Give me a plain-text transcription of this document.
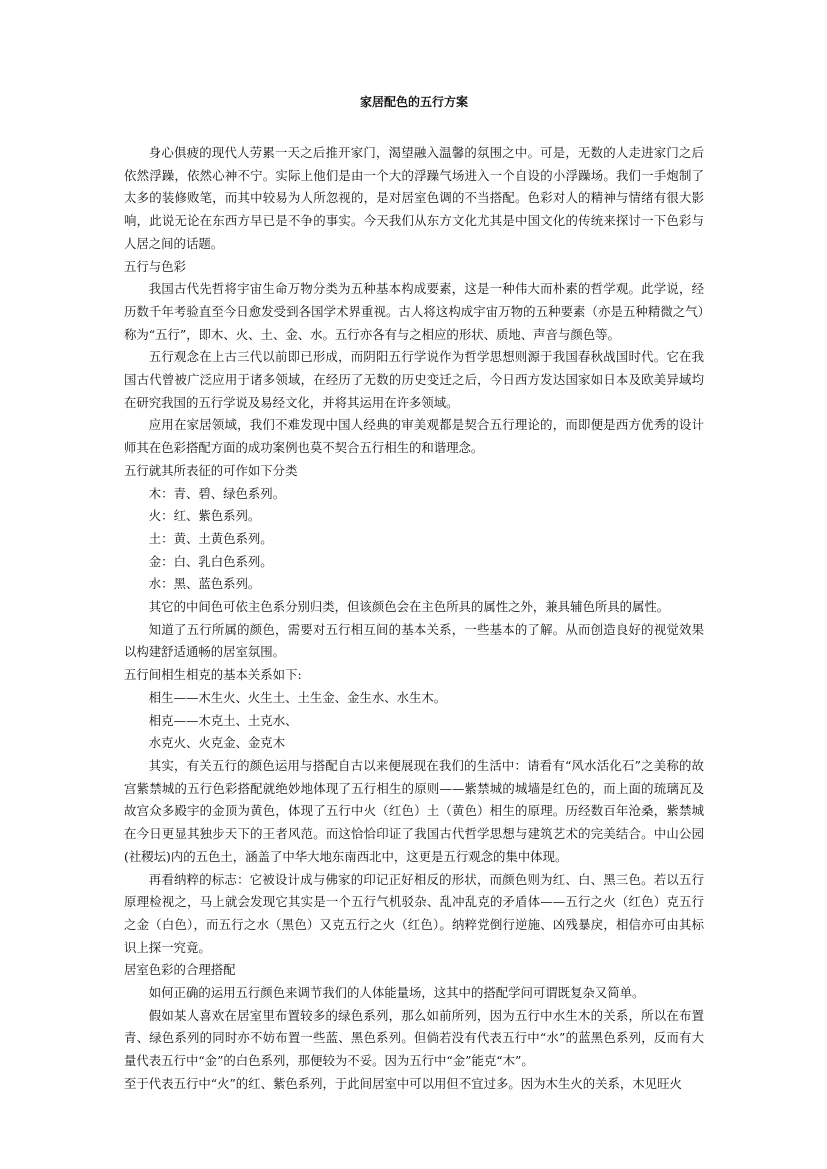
家居配色的五行方案

身心俱疲的现代人劳累一天之后推开家门，渴望融入温馨的氛围之中。可是，无数的人走进家门之后依然浮躁，依然心神不宁。实际上他们是由一个大的浮躁气场进入一个自设的小浮躁场。我们一手炮制了太多的装修败笔，而其中较易为人所忽视的，是对居室色调的不当搭配。色彩对人的精神与情绪有很大影响，此说无论在东西方早已是不争的事实。今天我们从东方文化尤其是中国文化的传统来探讨一下色彩与人居之间的话题。

五行与色彩

我国古代先哲将宇宙生命万物分类为五种基本构成要素，这是一种伟大而朴素的哲学观。此学说，经历数千年考验直至今日愈发受到各国学术界重视。古人将这构成宇宙万物的五种要素（亦是五种精微之气）称为“五行”，即木、火、土、金、水。五行亦各有与之相应的形状、质地、声音与颜色等。

五行观念在上古三代以前即已形成，而阴阳五行学说作为哲学思想则源于我国春秋战国时代。它在我国古代曾被广泛应用于诸多领域，在经历了无数的历史变迁之后，今日西方发达国家如日本及欧美异域均在研究我国的五行学说及易经文化，并将其运用在许多领域。

应用在家居领域，我们不难发现中国人经典的审美观都是契合五行理论的，而即便是西方优秀的设计师其在色彩搭配方面的成功案例也莫不契合五行相生的和谐理念。

五行就其所表征的可作如下分类

木：青、碧、绿色系列。

火：红、紫色系列。

土：黄、土黄色系列。

金：白、乳白色系列。

水：黑、蓝色系列。

其它的中间色可依主色系分别归类，但该颜色会在主色所具的属性之外，兼具辅色所具的属性。

知道了五行所属的颜色，需要对五行相互间的基本关系，一些基本的了解。从而创造良好的视觉效果以构建舒适通畅的居室氛围。

五行间相生相克的基本关系如下:

相生——木生火、火生土、土生金、金生水、水生木。

相克——木克土、土克水、

水克火、火克金、金克木

其实，有关五行的颜色运用与搭配自古以来便展现在我们的生活中：请看有“风水活化石”之美称的故宫紫禁城的五行色彩搭配就绝妙地体现了五行相生的原则——紫禁城的城墙是红色的，而上面的琉璃瓦及故宫众多殿宇的金顶为黄色，体现了五行中火（红色）土（黄色）相生的原理。历经数百年沧桑，紫禁城在今日更显其独步天下的王者风范。而这恰恰印证了我国古代哲学思想与建筑艺术的完美结合。中山公园(社稷坛)内的五色土，涵盖了中华大地东南西北中，这更是五行观念的集中体现。

再看纳粹的标志：它被设计成与佛家的印记正好相反的形状，而颜色则为红、白、黑三色。若以五行原理检视之，马上就会发现它其实是一个五行气机驳杂、乱冲乱克的矛盾体——五行之火（红色）克五行之金（白色），而五行之水（黑色）又克五行之火（红色）。纳粹党倒行逆施、凶残暴戾，相信亦可由其标识上探一究竟。

居室色彩的合理搭配

如何正确的运用五行颜色来调节我们的人体能量场，这其中的搭配学问可谓既复杂又简单。

假如某人喜欢在居室里布置较多的绿色系列，那么如前所列，因为五行中水生木的关系，所以在布置青、绿色系列的同时亦不妨布置一些蓝、黑色系列。但倘若没有代表五行中“水”的蓝黑色系列，反而有大量代表五行中“金”的白色系列，那便较为不妥。因为五行中“金”能克“木”。

至于代表五行中“火”的红、紫色系列，于此间居室中可以用但不宜过多。因为木生火的关系，木见旺火
